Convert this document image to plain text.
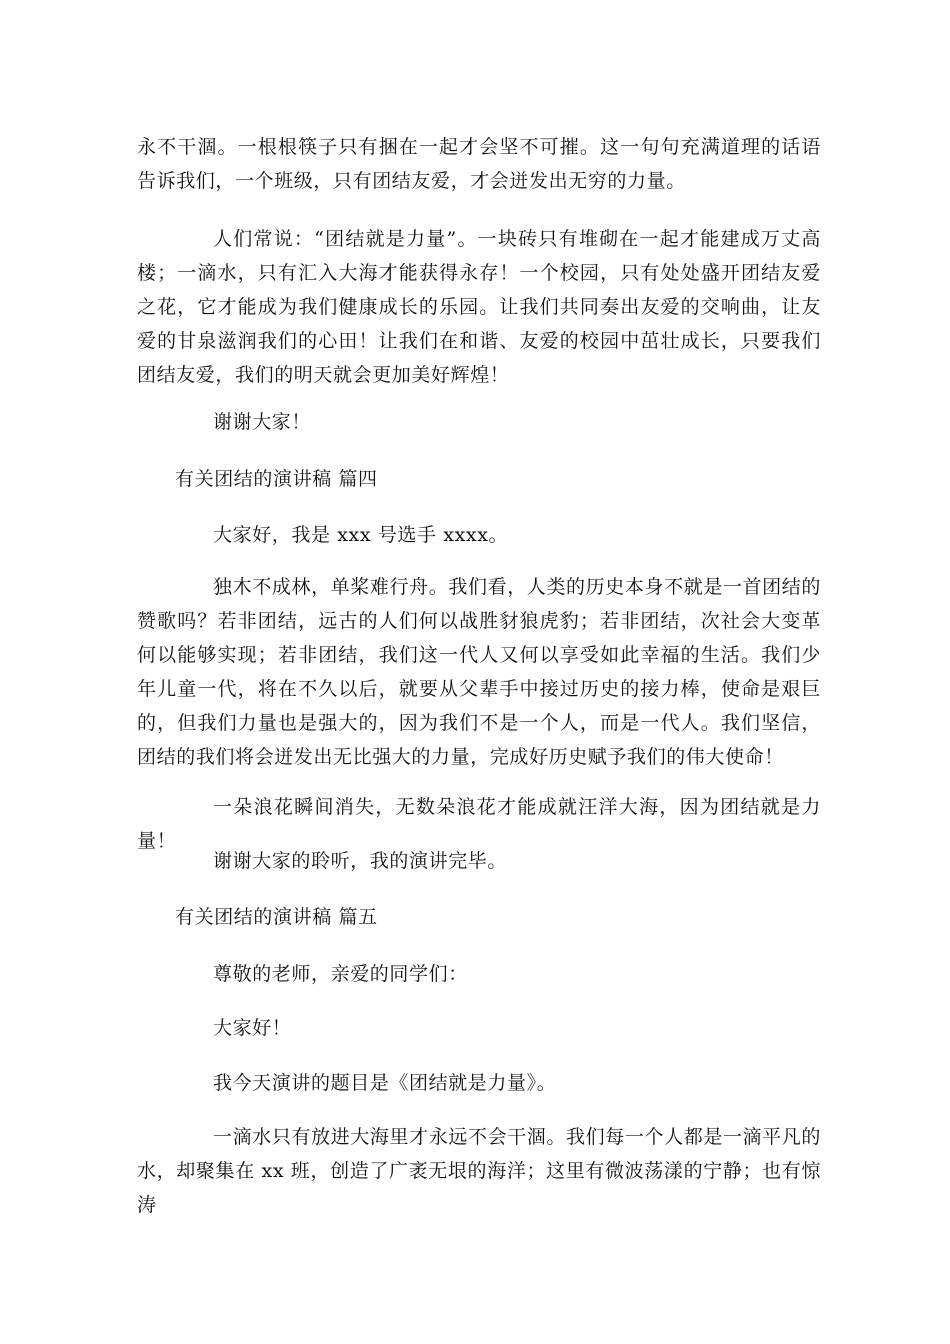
永不干涸。一根根筷子只有捆在一起才会坚不可摧。这一句句充满道理的话语告诉我们，一个班级，只有团结友爱，才会迸发出无穷的力量。

人们常说：“团结就是力量”。一块砖只有堆砌在一起才能建成万丈高楼；一滴水，只有汇入大海才能获得永存！一个校园，只有处处盛开团结友爱之花，它才能成为我们健康成长的乐园。让我们共同奏出友爱的交响曲，让友爱的甘泉滋润我们的心田！让我们在和谐、友爱的校园中茁壮成长，只要我们团结友爱，我们的明天就会更加美好辉煌！

谢谢大家！

有关团结的演讲稿 篇四

大家好，我是 xxx 号选手 xxxx。

独木不成林，单桨难行舟。我们看，人类的历史本身不就是一首团结的赞歌吗？若非团结，远古的人们何以战胜豺狼虎豹；若非团结，次社会大变革何以能够实现；若非团结，我们这一代人又何以享受如此幸福的生活。我们少年儿童一代，将在不久以后，就要从父辈手中接过历史的接力棒，使命是艰巨的，但我们力量也是强大的，因为我们不是一个人，而是一代人。我们坚信，团结的我们将会迸发出无比强大的力量，完成好历史赋予我们的伟大使命！

一朵浪花瞬间消失，无数朵浪花才能成就汪洋大海，因为团结就是力量！

谢谢大家的聆听，我的演讲完毕。

有关团结的演讲稿 篇五

尊敬的老师，亲爱的同学们：

大家好！

我今天演讲的题目是《团结就是力量》。

一滴水只有放进大海里才永远不会干涸。我们每一个人都是一滴平凡的水，却聚集在 xx 班，创造了广袤无垠的海洋；这里有微波荡漾的宁静；也有惊涛
